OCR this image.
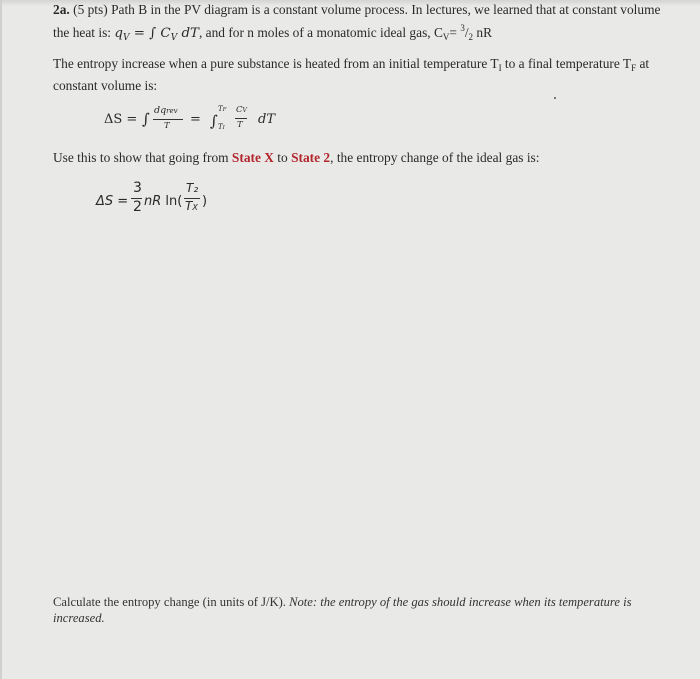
2a. (5 pts) Path B in the PV diagram is a constant volume process. In lectures, we learned that at constant volume the heat is: $q_V$ = ∫ $C_V$ dT, and for n moles of a monatomic ideal gas, $C_V= ^3/_2$ nR
The entropy increase when a pure substance is heated from an initial temperature $T_I$ to a final temperature $T_F$ at constant volume is:
ΔS = ∫ dqrev
T = ∫
TF
TI
CV
T dT
Use this to show that going from State X to State 2, the entropy change of the ideal gas is:
ΔS =
3
2 nR ln(
T₂
TX )
Calculate the entropy change (in units of J/K). Note: the entropy of the gas should increase when its temperature is increased.
